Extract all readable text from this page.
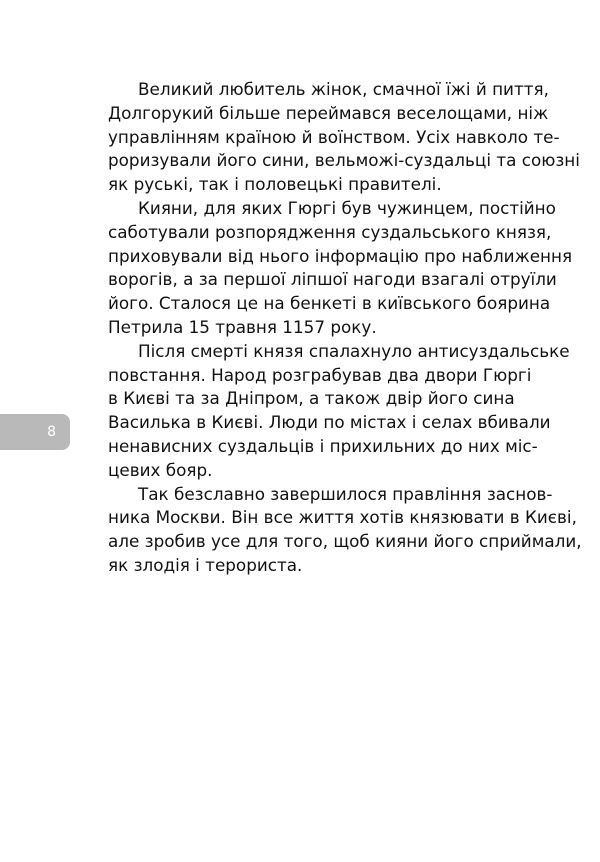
8

Великий любитель жінок, смачної їжі й пиття,
Долгорукий більше переймався веселощами, ніж
управлінням країною й воїнством. Усіх навколо те-
роризували його сини, вельможі-суздальці та союзні
як руські, так і половецькі правителі.

Кияни, для яких Гюргі був чужинцем, постійно
саботували розпорядження суздальського князя,
приховували від нього інформацію про наближення
ворогів, а за першої ліпшої нагоди взагалі отруїли
його. Сталося це на бенкеті в київського боярина
Петрила 15 травня 1157 року.

Після смерті князя спалахнуло антисуздальське
повстання. Народ розграбував два двори Гюргі
в Києві та за Дніпром, а також двір його сина
Василька в Києві. Люди по містах і селах вбивали
ненависних суздальців і прихильних до них міс-
цевих бояр.

Так безславно завершилося правління заснов-
ника Москви. Він все життя хотів князювати в Києві,
але зробив усе для того, щоб кияни його сприймали,
як злодія і терориста.
